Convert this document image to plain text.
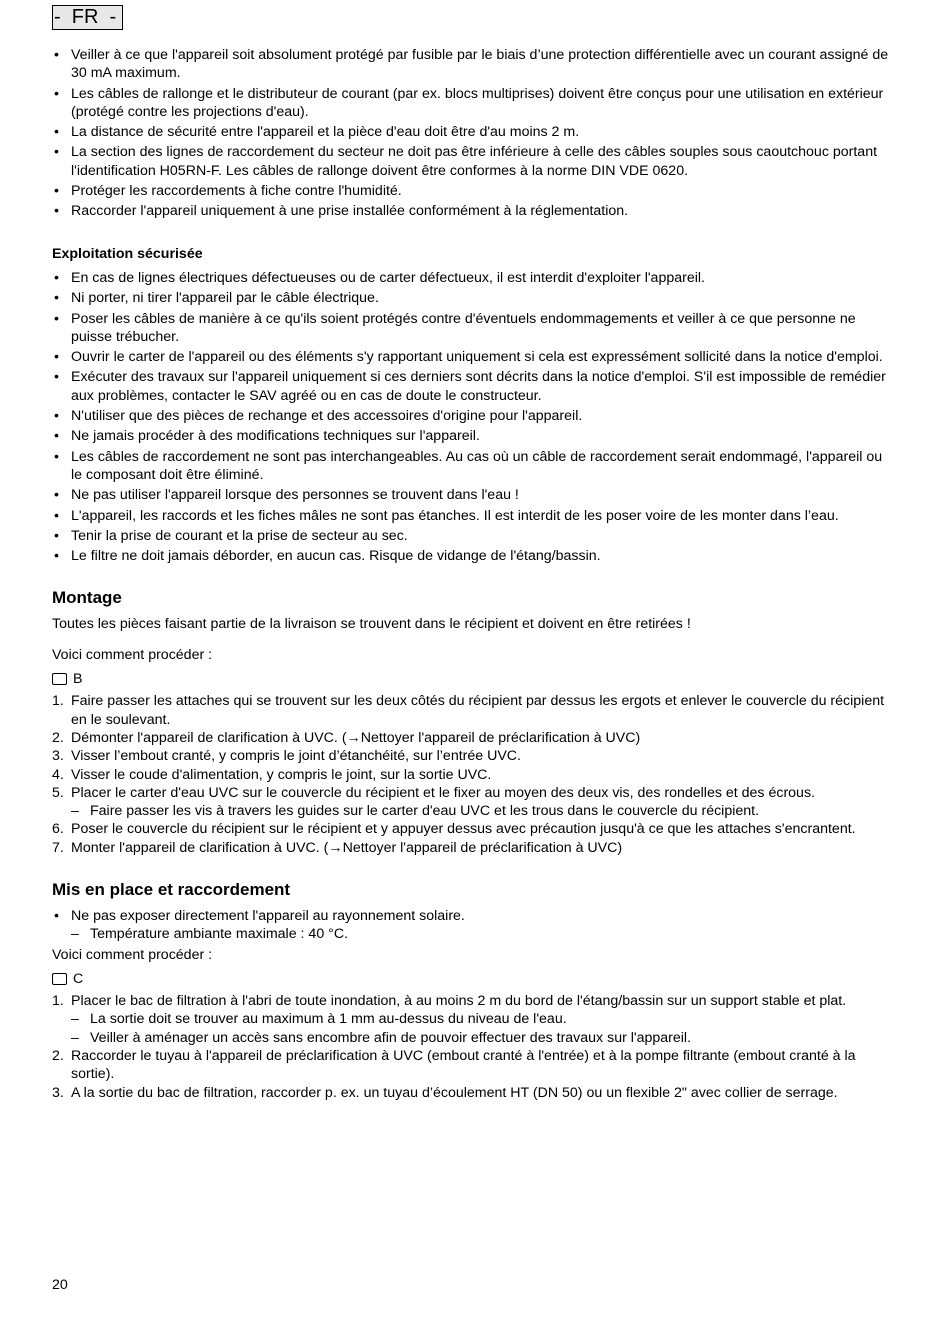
-  FR  -
• Veiller à ce que l'appareil soit absolument protégé par fusible par le biais d’une protection différentielle avec un courant assigné de 30 mA maximum.
• Les câbles de rallonge et le distributeur de courant (par ex. blocs multiprises) doivent être conçus pour une utilisation en extérieur (protégé contre les projections d'eau).
• La distance de sécurité entre l'appareil et la pièce d'eau doit être d'au moins 2 m.
• La section des lignes de raccordement du secteur ne doit pas être inférieure à celle des câbles souples sous caoutchouc portant l'identification H05RN-F. Les câbles de rallonge doivent être conformes à la norme DIN VDE 0620.
• Protéger les raccordements à fiche contre l'humidité.
• Raccorder l'appareil uniquement à une prise installée conformément à la réglementation.
Exploitation sécurisée
• En cas de lignes électriques défectueuses ou de carter défectueux, il est interdit d'exploiter l'appareil.
• Ni porter, ni tirer l'appareil par le câble électrique.
• Poser les câbles de manière à ce qu'ils soient protégés contre d'éventuels endommagements et veiller à ce que personne ne puisse trébucher.
• Ouvrir le carter de l'appareil ou des éléments s'y rapportant uniquement si cela est expressément sollicité dans la notice d'emploi.
• Exécuter des travaux sur l'appareil uniquement si ces derniers sont décrits dans la notice d'emploi. S'il est impossible de remédier aux problèmes, contacter le SAV agréé ou en cas de doute le constructeur.
• N'utiliser que des pièces de rechange et des accessoires d'origine pour l'appareil.
• Ne jamais procéder à des modifications techniques sur l'appareil.
• Les câbles de raccordement ne sont pas interchangeables. Au cas où un câble de raccordement serait endommagé, l'appareil ou le composant doit être éliminé.
• Ne pas utiliser l'appareil lorsque des personnes se trouvent dans l'eau !
• L'appareil, les raccords et les fiches mâles ne sont pas étanches. Il est interdit de les poser voire de les monter dans l’eau.
• Tenir la prise de courant et la prise de secteur au sec.
• Le filtre ne doit jamais déborder, en aucun cas. Risque de vidange de l'étang/bassin.
Montage

Toutes les pièces faisant partie de la livraison se trouvent dans le récipient et doivent en être retirées !

Voici comment procéder :

B
1. Faire passer les attaches qui se trouvent sur les deux côtés du récipient par dessus les ergots et enlever le couvercle du récipient en le soulevant.
2. Démonter l'appareil de clarification à UVC. (→Nettoyer l'appareil de préclarification à UVC)
3. Visser l’embout cranté, y compris le joint d’étanchéité, sur l’entrée UVC.
4. Visser le coude d'alimentation, y compris le joint, sur la sortie UVC.
5. Placer le carter d'eau UVC sur le couvercle du récipient et le fixer au moyen des deux vis, des rondelles et des écrous.
– Faire passer les vis à travers les guides sur le carter d'eau UVC et les trous dans le couvercle du récipient.
6. Poser le couvercle du récipient sur le récipient et y appuyer dessus avec précaution jusqu'à ce que les attaches s'encrantent.
7. Monter l'appareil de clarification à UVC. (→Nettoyer l'appareil de préclarification à UVC)
Mis en place et raccordement
• Ne pas exposer directement l'appareil au rayonnement solaire.
– Température ambiante maximale : 40 °C.

Voici comment procéder :

C
1. Placer le bac de filtration à l'abri de toute inondation, à au moins 2 m du bord de l'étang/bassin sur un support stable et plat.
– La sortie doit se trouver au maximum à 1 mm au-dessus du niveau de l'eau.
– Veiller à aménager un accès sans encombre afin de pouvoir effectuer des travaux sur l'appareil.
2. Raccorder le tuyau à l'appareil de préclarification à UVC (embout cranté à l'entrée) et à la pompe filtrante (embout cranté à la sortie).
3. A la sortie du bac de filtration, raccorder p. ex. un tuyau d’écoulement HT (DN 50) ou un flexible 2" avec collier de serrage.
20
